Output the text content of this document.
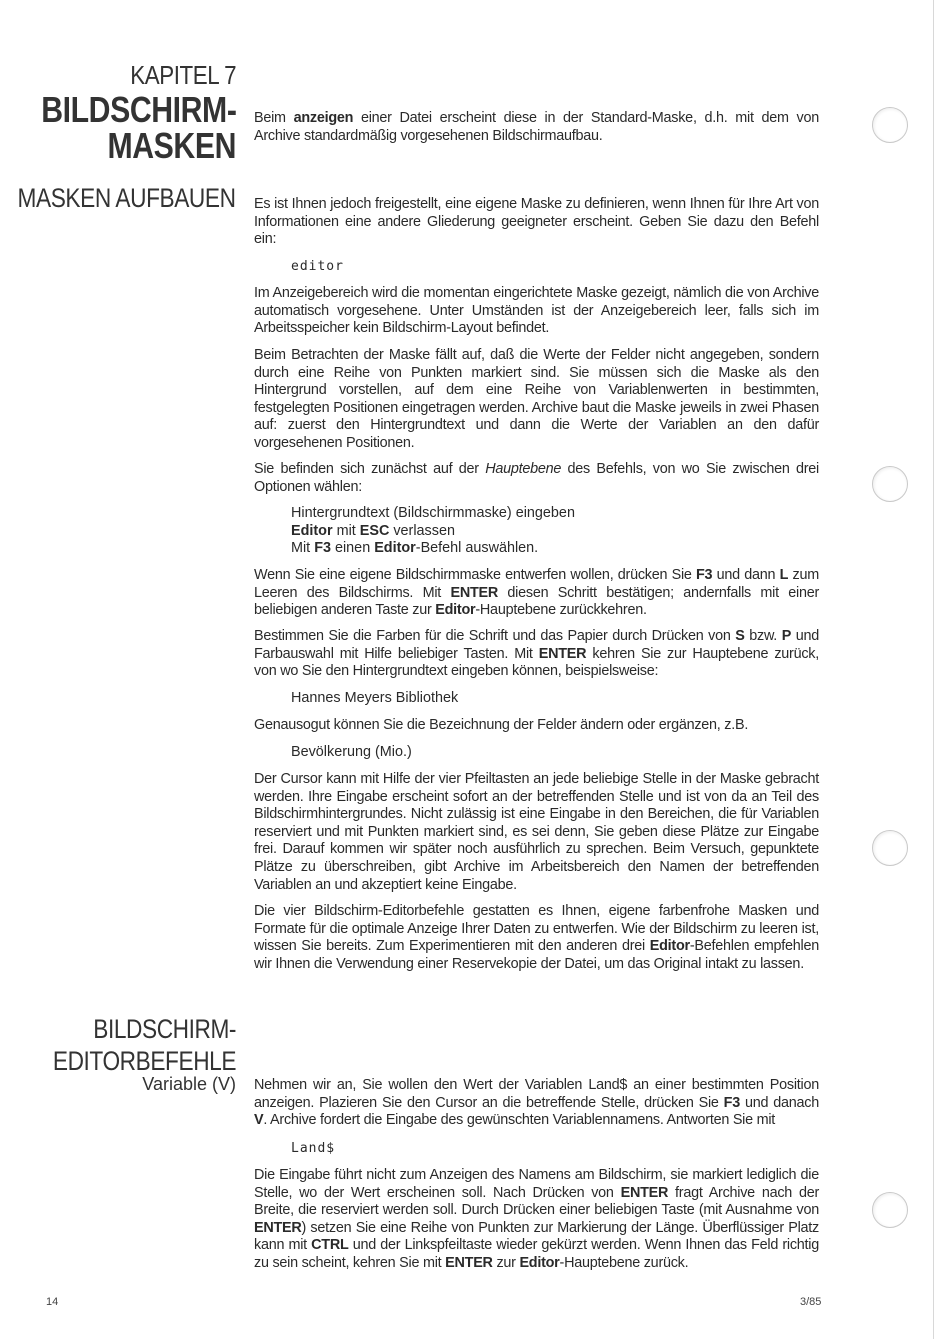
KAPITEL 7
BILDSCHIRM-
MASKEN
MASKEN AUFBAUEN
BILDSCHIRM-
EDITORBEFEHLE
Variable (V)

Beim anzeigen einer Datei erscheint diese in der Standard-Maske, d.h. mit dem von Archive standardmäßig vorgesehenen Bildschirmaufbau.

Es ist Ihnen jedoch freigestellt, eine eigene Maske zu definieren, wenn Ihnen für Ihre Art von Informationen eine andere Gliederung geeigneter erscheint. Geben Sie dazu den Befehl ein:

editor

Im Anzeigebereich wird die momentan eingerichtete Maske gezeigt, nämlich die von Archive automatisch vorgesehene. Unter Umständen ist der Anzeigebereich leer, falls sich im Arbeitsspeicher kein Bildschirm-Layout befindet.

Beim Betrachten der Maske fällt auf, daß die Werte der Felder nicht angegeben, sondern durch eine Reihe von Punkten markiert sind. Sie müssen sich die Maske als den Hintergrund vorstellen, auf dem eine Reihe von Variablenwerten in bestimmten, festgelegten Positionen eingetragen werden. Archive baut die Maske jeweils in zwei Phasen auf: zuerst den Hintergrundtext und dann die Werte der Variablen an den dafür vorgesehenen Positionen.

Sie befinden sich zunächst auf der Hauptebene des Befehls, von wo Sie zwischen drei Optionen wählen:

Hintergrundtext (Bildschirmmaske) eingeben
Editor mit ESC verlassen
Mit F3 einen Editor-Befehl auswählen.

Wenn Sie eine eigene Bildschirmmaske entwerfen wollen, drücken Sie F3 und dann L zum Leeren des Bildschirms. Mit ENTER diesen Schritt bestätigen; andernfalls mit einer beliebigen anderen Taste zur Editor-Hauptebene zurückkehren.

Bestimmen Sie die Farben für die Schrift und das Papier durch Drücken von S bzw. P und Farbauswahl mit Hilfe beliebiger Tasten. Mit ENTER kehren Sie zur Hauptebene zurück, von wo Sie den Hintergrundtext eingeben können, beispielsweise:

Hannes Meyers Bibliothek

Genausogut können Sie die Bezeichnung der Felder ändern oder ergänzen, z.B.

Bevölkerung (Mio.)

Der Cursor kann mit Hilfe der vier Pfeiltasten an jede beliebige Stelle in der Maske gebracht werden. Ihre Eingabe erscheint sofort an der betreffenden Stelle und ist von da an Teil des Bildschirmhintergrundes. Nicht zulässig ist eine Eingabe in den Bereichen, die für Variablen reserviert und mit Punkten markiert sind, es sei denn, Sie geben diese Plätze zur Eingabe frei. Darauf kommen wir später noch ausführlich zu sprechen. Beim Versuch, gepunktete Plätze zu überschreiben, gibt Archive im Arbeitsbereich den Namen der betreffenden Variablen an und akzeptiert keine Eingabe.

Die vier Bildschirm-Editorbefehle gestatten es Ihnen, eigene farbenfrohe Masken und Formate für die optimale Anzeige Ihrer Daten zu entwerfen. Wie der Bildschirm zu leeren ist, wissen Sie bereits. Zum Experimentieren mit den anderen drei Editor-Befehlen empfehlen wir Ihnen die Verwendung einer Reservekopie der Datei, um das Original intakt zu lassen.

Nehmen wir an, Sie wollen den Wert der Variablen Land$ an einer bestimmten Position anzeigen. Plazieren Sie den Cursor an die betreffende Stelle, drücken Sie F3 und danach V. Archive fordert die Eingabe des gewünschten Variablennamens. Antworten Sie mit

Land$

Die Eingabe führt nicht zum Anzeigen des Namens am Bildschirm, sie markiert lediglich die Stelle, wo der Wert erscheinen soll. Nach Drücken von ENTER fragt Archive nach der Breite, die reserviert werden soll. Durch Drücken einer beliebigen Taste (mit Ausnahme von ENTER) setzen Sie eine Reihe von Punkten zur Markierung der Länge. Überflüssiger Platz kann mit CTRL und der Linkspfeiltaste wieder gekürzt werden. Wenn Ihnen das Feld richtig zu sein scheint, kehren Sie mit ENTER zur Editor-Hauptebene zurück.

14	3/85
